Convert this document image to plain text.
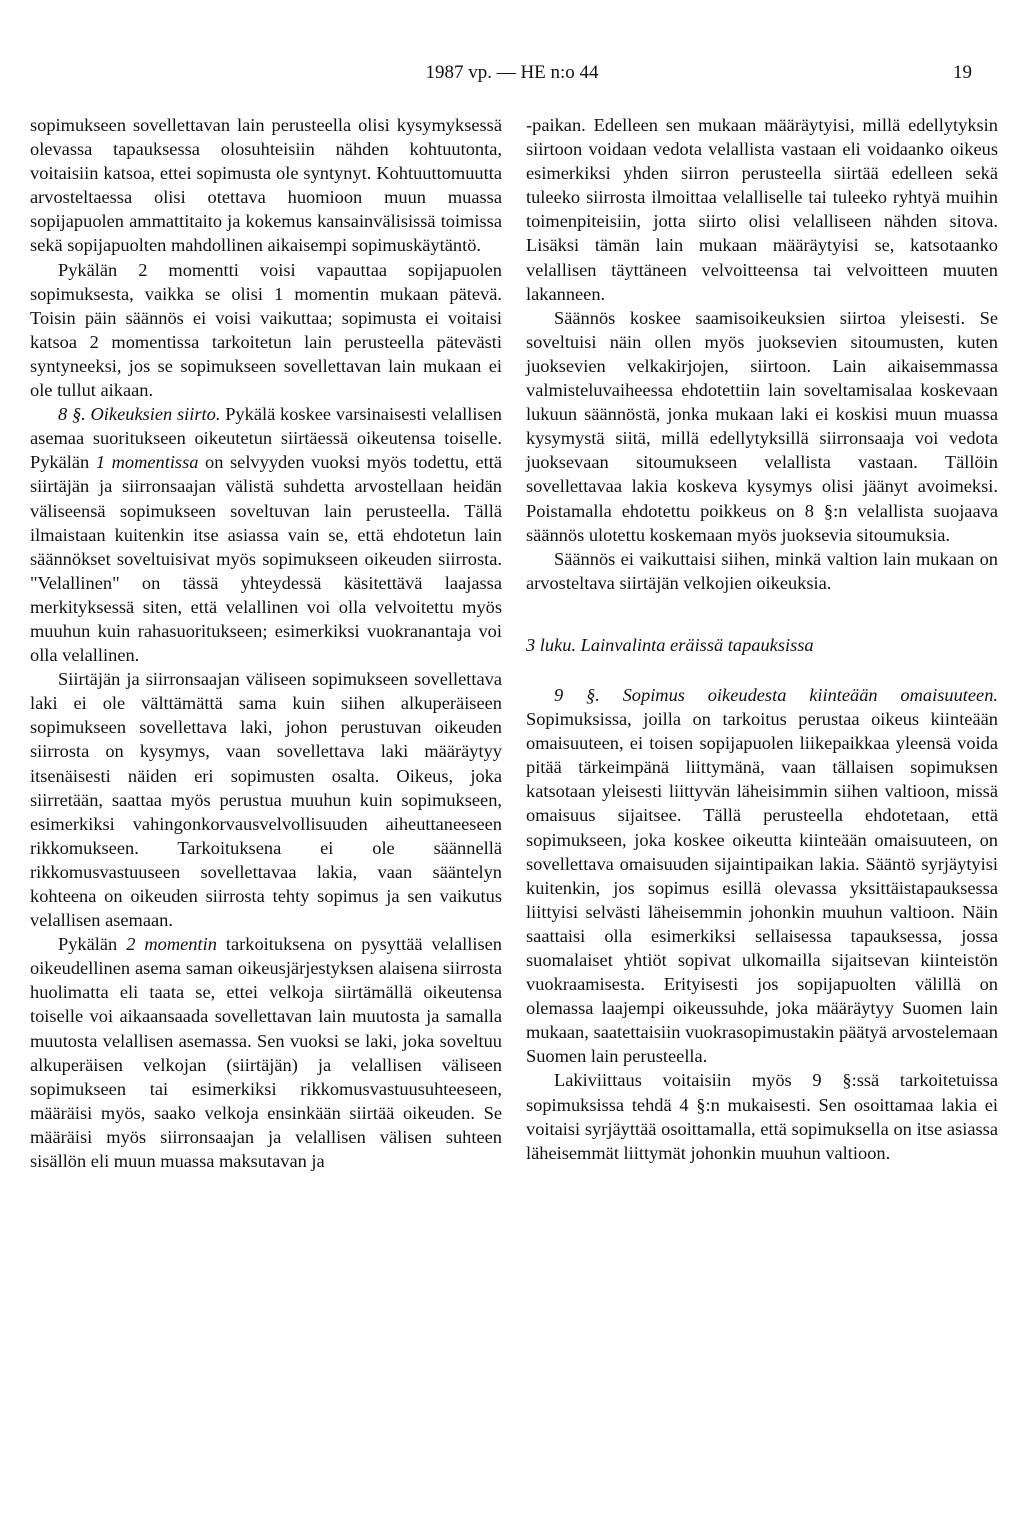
1987 vp. — HE n:o 44	19

sopimukseen sovellettavan lain perusteella olisi kysymyksessä olevassa tapauksessa olosuhteisiin nähden kohtuutonta, voitaisiin katsoa, ettei sopimusta ole syntynyt. Kohtuuttomuutta arvosteltaessa olisi otettava huomioon muun muassa sopijapuolen ammattitaito ja kokemus kansainvälisissä toimissa sekä sopijapuolten mahdollinen aikaisempi sopimuskäytäntö.

Pykälän 2 momentti voisi vapauttaa sopijapuolen sopimuksesta, vaikka se olisi 1 momentin mukaan pätevä. Toisin päin säännös ei voisi vaikuttaa; sopimusta ei voitaisi katsoa 2 momentissa tarkoitetun lain perusteella pätevästi syntyneeksi, jos se sopimukseen sovellettavan lain mukaan ei ole tullut aikaan.

8 §. Oikeuksien siirto. Pykälä koskee varsinaisesti velallisen asemaa suoritukseen oikeutetun siirtäessä oikeutensa toiselle. Pykälän 1 momentissa on selvyyden vuoksi myös todettu, että siirtäjän ja siirronsaajan välistä suhdetta arvostellaan heidän väliseensä sopimukseen soveltuvan lain perusteella. Tällä ilmaistaan kuitenkin itse asiassa vain se, että ehdotetun lain säännökset soveltuisivat myös sopimukseen oikeuden siirrosta. "Velallinen" on tässä yhteydessä käsitettävä laajassa merkityksessä siten, että velallinen voi olla velvoitettu myös muuhun kuin rahasuoritukseen; esimerkiksi vuokranantaja voi olla velallinen.

Siirtäjän ja siirronsaajan väliseen sopimukseen sovellettava laki ei ole välttämättä sama kuin siihen alkuperäiseen sopimukseen sovellettava laki, johon perustuvan oikeuden siirrosta on kysymys, vaan sovellettava laki määräytyy itsenäisesti näiden eri sopimusten osalta. Oikeus, joka siirretään, saattaa myös perustua muuhun kuin sopimukseen, esimerkiksi vahingonkorvausvelvollisuuden aiheuttaneeseen rikkomukseen. Tarkoituksena ei ole säännellä rikkomusvastuuseen sovellettavaa lakia, vaan sääntelyn kohteena on oikeuden siirrosta tehty sopimus ja sen vaikutus velallisen asemaan.

Pykälän 2 momentin tarkoituksena on pysyttää velallisen oikeudellinen asema saman oikeusjärjestyksen alaisena siirrosta huolimatta eli taata se, ettei velkoja siirtämällä oikeutensa toiselle voi aikaansaada sovellettavan lain muutosta ja samalla muutosta velallisen asemassa. Sen vuoksi se laki, joka soveltuu alkuperäisen velkojan (siirtäjän) ja velallisen väliseen sopimukseen tai esimerkiksi rikkomusvastuusuhteeseen, määräisi myös, saako velkoja ensinkään siirtää oikeuden. Se määräisi myös siirronsaajan ja velallisen välisen suhteen sisällön eli muun muassa maksutavan ja

-paikan. Edelleen sen mukaan määräytyisi, millä edellytyksin siirtoon voidaan vedota velallista vastaan eli voidaanko oikeus esimerkiksi yhden siirron perusteella siirtää edelleen sekä tuleeko siirrosta ilmoittaa velalliselle tai tuleeko ryhtyä muihin toimenpiteisiin, jotta siirto olisi velalliseen nähden sitova. Lisäksi tämän lain mukaan määräytyisi se, katsotaanko velallisen täyttäneen velvoitteensa tai velvoitteen muuten lakanneen.

Säännös koskee saamisoikeuksien siirtoa yleisesti. Se soveltuisi näin ollen myös juoksevien sitoumusten, kuten juoksevien velkakirjojen, siirtoon. Lain aikaisemmassa valmisteluvaiheessa ehdotettiin lain soveltamisalaa koskevaan lukuun säännöstä, jonka mukaan laki ei koskisi muun muassa kysymystä siitä, millä edellytyksillä siirronsaaja voi vedota juoksevaan sitoumukseen velallista vastaan. Tällöin sovellettavaa lakia koskeva kysymys olisi jäänyt avoimeksi. Poistamalla ehdotettu poikkeus on 8 §:n velallista suojaava säännös ulotettu koskemaan myös juoksevia sitoumuksia.

Säännös ei vaikuttaisi siihen, minkä valtion lain mukaan on arvosteltava siirtäjän velkojien oikeuksia.

3 luku. Lainvalinta eräissä tapauksissa

9 §. Sopimus oikeudesta kiinteään omaisuuteen. Sopimuksissa, joilla on tarkoitus perustaa oikeus kiinteään omaisuuteen, ei toisen sopijapuolen liikepaikkaa yleensä voida pitää tärkeimpänä liittymänä, vaan tällaisen sopimuksen katsotaan yleisesti liittyvän läheisimmin siihen valtioon, missä omaisuus sijaitsee. Tällä perusteella ehdotetaan, että sopimukseen, joka koskee oikeutta kiinteään omaisuuteen, on sovellettava omaisuuden sijaintipaikan lakia. Sääntö syrjäytyisi kuitenkin, jos sopimus esillä olevassa yksittäistapauksessa liittyisi selvästi läheisemmin johonkin muuhun valtioon. Näin saattaisi olla esimerkiksi sellaisessa tapauksessa, jossa suomalaiset yhtiöt sopivat ulkomailla sijaitsevan kiinteistön vuokraamisesta. Erityisesti jos sopijapuolten välillä on olemassa laajempi oikeussuhde, joka määräytyy Suomen lain mukaan, saatettaisiin vuokrasopimustakin päätyä arvostelemaan Suomen lain perusteella.

Lakiviittaus voitaisiin myös 9 §:ssä tarkoitetuissa sopimuksissa tehdä 4 §:n mukaisesti. Sen osoittamaa lakia ei voitaisi syrjäyttää osoittamalla, että sopimuksella on itse asiassa läheisemmät liittymät johonkin muuhun valtioon.
